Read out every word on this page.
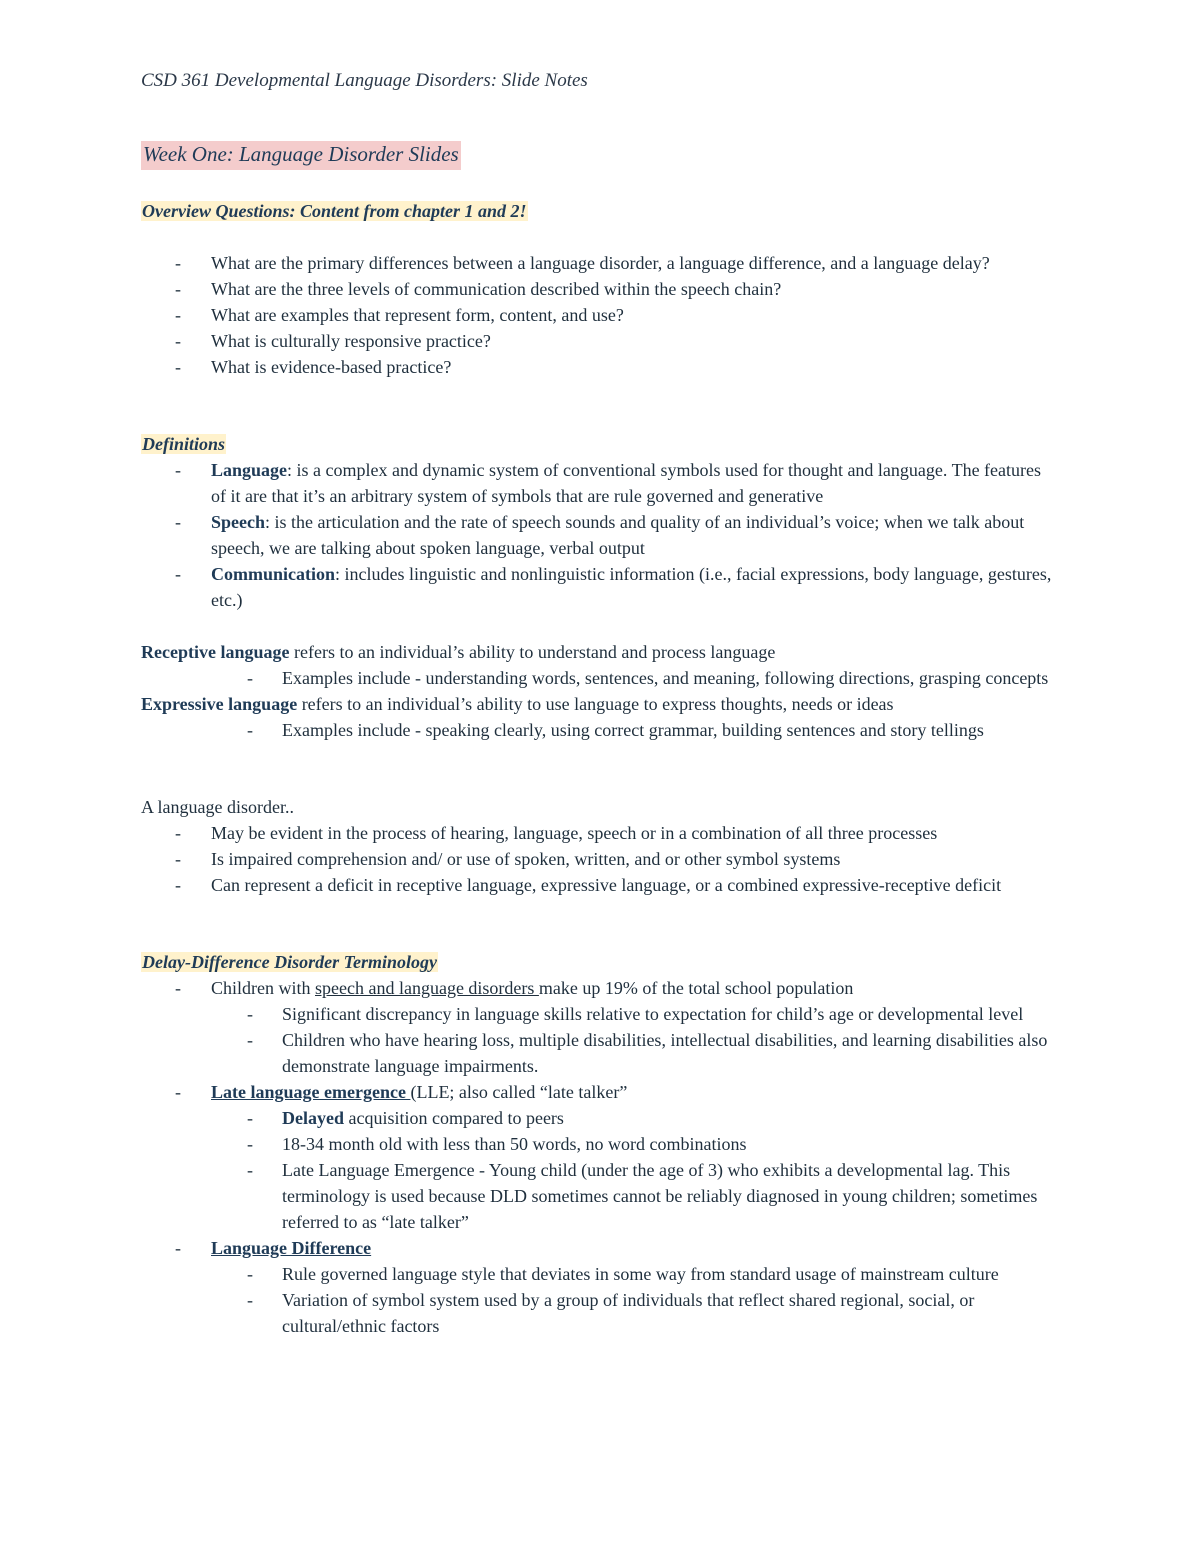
CSD 361 Developmental Language Disorders: Slide Notes
Week One: Language Disorder Slides

Overview Questions: Content from chapter 1 and 2!

- What are the primary differences between a language disorder, a language difference, and a language delay?
- What are the three levels of communication described within the speech chain?
- What are examples that represent form, content, and use?
- What is culturally responsive practice?
- What is evidence-based practice?

Definitions

- Language: is a complex and dynamic system of conventional symbols used for thought and language. The features of it are that it’s an arbitrary system of symbols that are rule governed and generative
- Speech: is the articulation and the rate of speech sounds and quality of an individual’s voice; when we talk about speech, we are talking about spoken language, verbal output
- Communication: includes linguistic and nonlinguistic information (i.e., facial expressions, body language, gestures, etc.)

Receptive language refers to an individual’s ability to understand and process language

- Examples include - understanding words, sentences, and meaning, following directions, grasping concepts

Expressive language refers to an individual’s ability to use language to express thoughts, needs or ideas

- Examples include - speaking clearly, using correct grammar, building sentences and story tellings

A language disorder..

- May be evident in the process of hearing, language, speech or in a combination of all three processes
- Is impaired comprehension and/ or use of spoken, written, and or other symbol systems
- Can represent a deficit in receptive language, expressive language, or a combined expressive-receptive deficit

Delay-Difference Disorder Terminology

- Children with speech and language disorders make up 19% of the total school population
- Significant discrepancy in language skills relative to expectation for child’s age or developmental level
- Children who have hearing loss, multiple disabilities, intellectual disabilities, and learning disabilities also demonstrate language impairments.
- Late language emergence (LLE; also called “late talker”
- Delayed acquisition compared to peers
- 18-34 month old with less than 50 words, no word combinations
- Late Language Emergence - Young child (under the age of 3) who exhibits a developmental lag. This terminology is used because DLD sometimes cannot be reliably diagnosed in young children; sometimes referred to as “late talker”
- Language Difference
- Rule governed language style that deviates in some way from standard usage of mainstream culture
- Variation of symbol system used by a group of individuals that reflect shared regional, social, or cultural/ethnic factors
